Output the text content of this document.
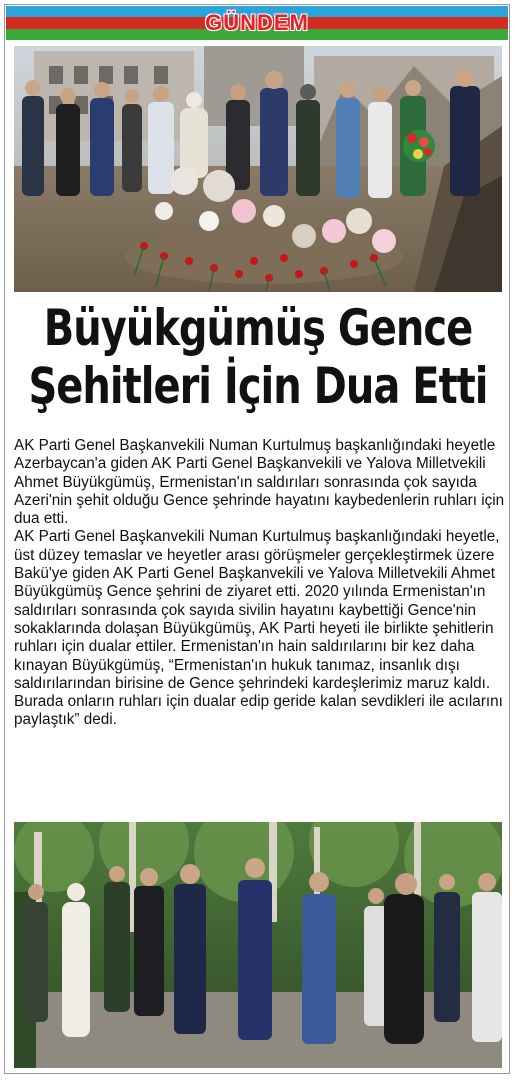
GÜNDEM
Büyükgümüş Gence
Şehitleri İçin Dua Etti

AK Parti Genel Başkanvekili Numan Kurtulmuş başkanlığındaki heyetle Azerbaycan'a giden AK Parti Genel Başkanvekili ve Yalova Milletvekili Ahmet Büyükgümüş, Ermenistan'ın saldırıları sonrasında çok sayıda Azeri'nin şehit olduğu Gence şehrinde hayatını kaybedenlerin ruhları için dua etti.

AK Parti Genel Başkanvekili Numan Kurtulmuş başkanlığındaki heyetle, üst düzey temaslar ve heyetler arası görüşmeler gerçekleştirmek üzere Bakü'ye giden AK Parti Genel Başkanvekili ve Yalova Milletvekili Ahmet Büyükgümüş Gence şehrini de ziyaret etti. 2020 yılında Ermenistan'ın saldırıları sonrasında çok sayıda sivilin hayatını kaybettiği Gence'nin sokaklarında dolaşan Büyükgümüş, AK Parti heyeti ile birlikte şehitlerin ruhları için dualar ettiler. Ermenistan'ın hain saldırılarını bir kez daha kınayan Büyükgümüş, “Ermenistan'ın hukuk tanımaz, insanlık dışı saldırılarından birisine de Gence şehrindeki kardeşlerimiz maruz kaldı. Burada onların ruhları için dualar edip geride kalan sevdikleri ile acılarını paylaştık” dedi.
